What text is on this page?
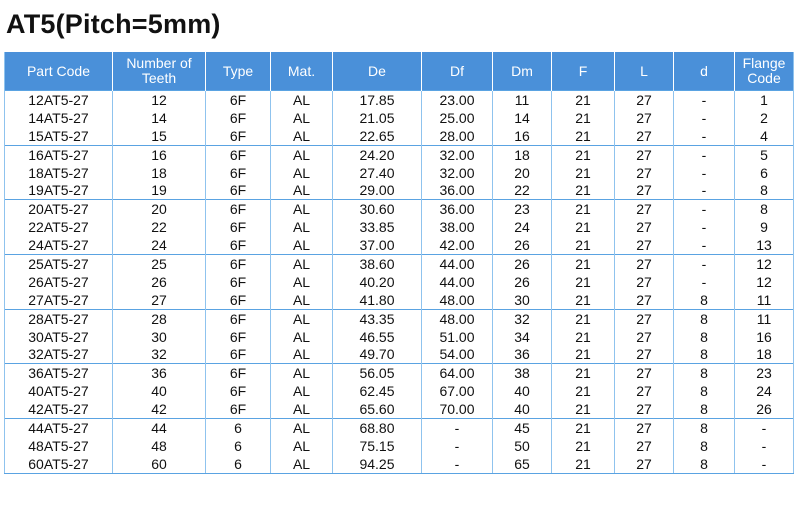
AT5(Pitch=5mm)
Part Code	Number of Teeth	Type	Mat.	De	Df	Dm	F	L	d	Flange Code
12AT5-27	12	6F	AL	17.85	23.00	11	21	27	-	1
14AT5-27	14	6F	AL	21.05	25.00	14	21	27	-	2
15AT5-27	15	6F	AL	22.65	28.00	16	21	27	-	4
16AT5-27	16	6F	AL	24.20	32.00	18	21	27	-	5
18AT5-27	18	6F	AL	27.40	32.00	20	21	27	-	6
19AT5-27	19	6F	AL	29.00	36.00	22	21	27	-	8
20AT5-27	20	6F	AL	30.60	36.00	23	21	27	-	8
22AT5-27	22	6F	AL	33.85	38.00	24	21	27	-	9
24AT5-27	24	6F	AL	37.00	42.00	26	21	27	-	13
25AT5-27	25	6F	AL	38.60	44.00	26	21	27	-	12
26AT5-27	26	6F	AL	40.20	44.00	26	21	27	-	12
27AT5-27	27	6F	AL	41.80	48.00	30	21	27	8	11
28AT5-27	28	6F	AL	43.35	48.00	32	21	27	8	11
30AT5-27	30	6F	AL	46.55	51.00	34	21	27	8	16
32AT5-27	32	6F	AL	49.70	54.00	36	21	27	8	18
36AT5-27	36	6F	AL	56.05	64.00	38	21	27	8	23
40AT5-27	40	6F	AL	62.45	67.00	40	21	27	8	24
42AT5-27	42	6F	AL	65.60	70.00	40	21	27	8	26
44AT5-27	44	6	AL	68.80	-	45	21	27	8	-
48AT5-27	48	6	AL	75.15	-	50	21	27	8	-
60AT5-27	60	6	AL	94.25	-	65	21	27	8	-
